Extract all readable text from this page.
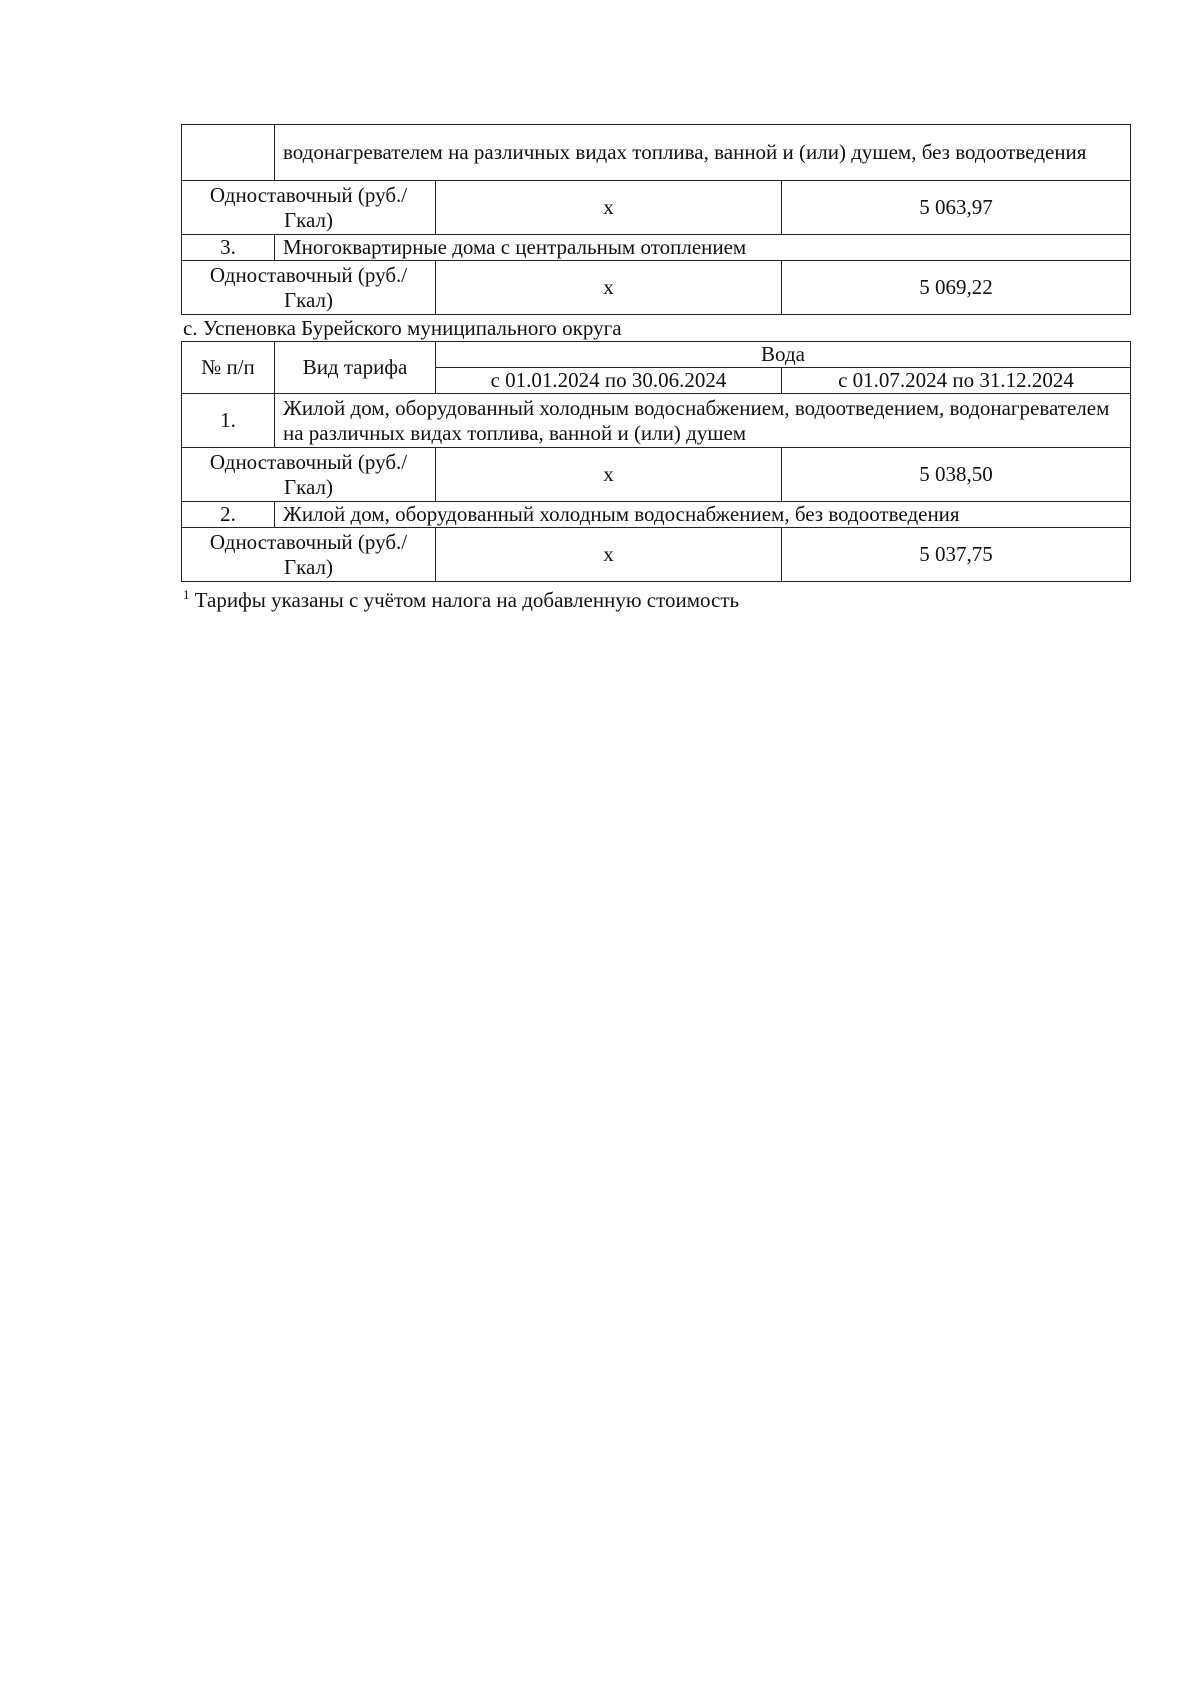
	водонагревателем на различных видах топлива, ванной и (или) душем, без водоотведения		
Одноставочный (руб./Гкал)		х	5 063,97
3.	Многоквартирные дома с центральным отоплением		
Одноставочный (руб./Гкал)		х	5 069,22
с. Успеновка Бурейского муниципального округа
№ п/п	Вид тарифа	Вода	
		с 01.01.2024 по 30.06.2024	с 01.07.2024 по 31.12.2024
1.	Жилой дом, оборудованный холодным водоснабжением, водоотведением, водонагревателем на различных видах топлива, ванной и (или) душем		
Одноставочный (руб./Гкал)		х	5 038,50
2.	Жилой дом, оборудованный холодным водоснабжением, без водоотведения		
Одноставочный (руб./Гкал)		х	5 037,75
$^1$ Тарифы указаны с учётом налога на добавленную стоимость
